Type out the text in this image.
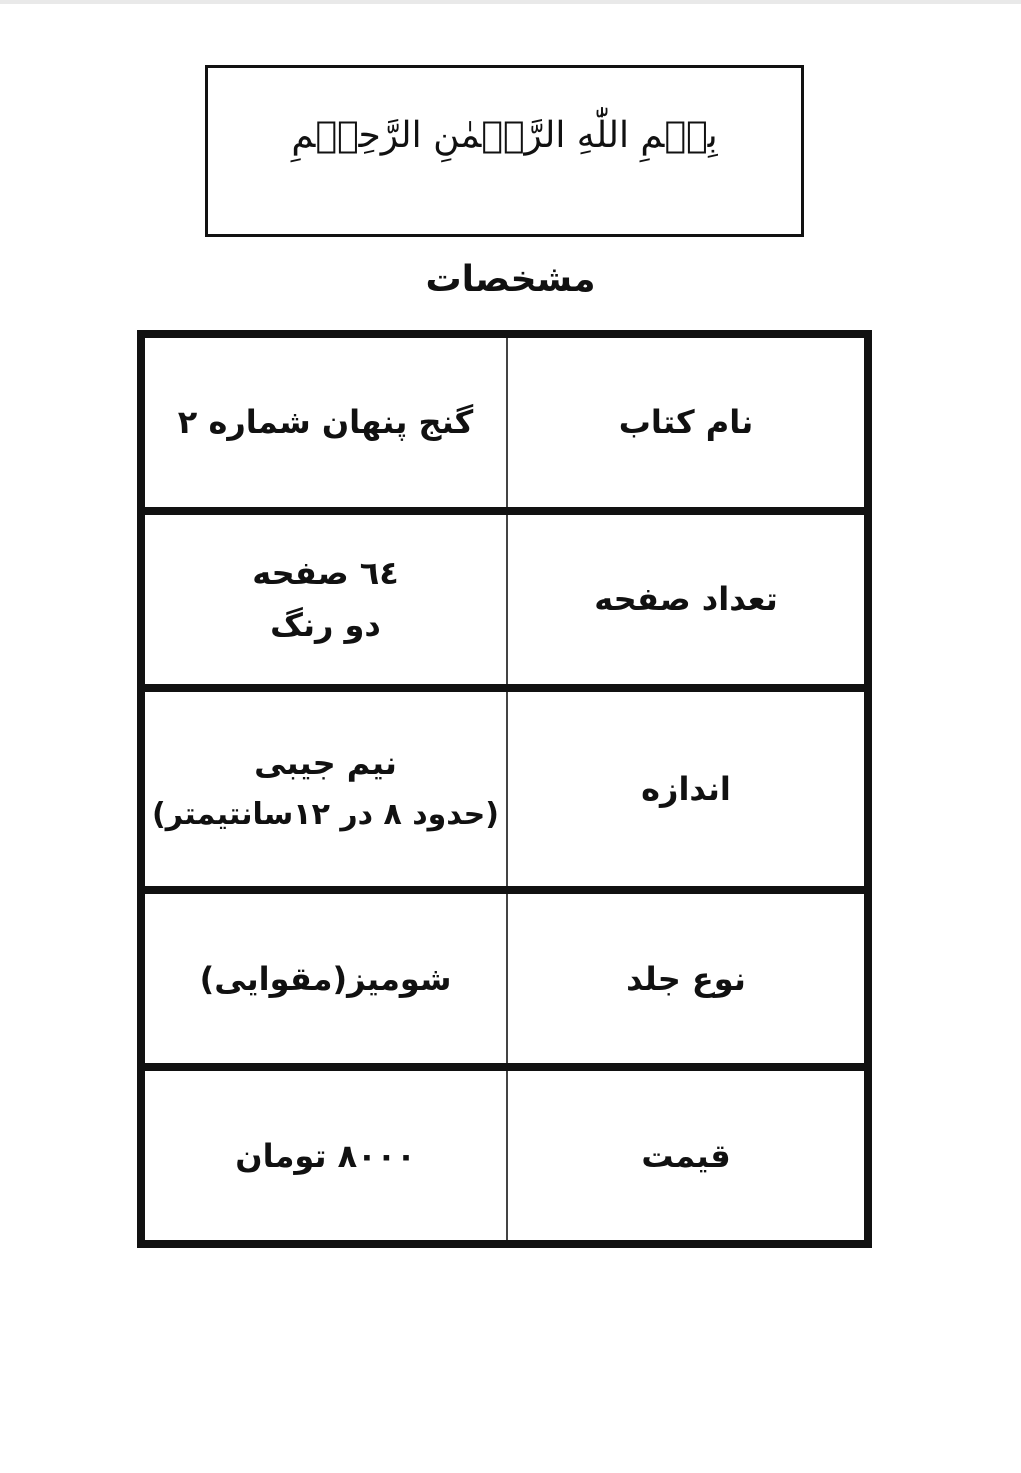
بِسۡمِ اللّٰهِ الرَّحۡمٰنِ الرَّحِيۡمِ
مشخصات
نام کتاب	گنج پنهان شماره ۲

تعداد صفحه	٦٤ صفحه
دو رنگ

اندازه	نیم جیبی
(حدود ۸ در ۱۲سانتیمتر)

نوع جلد	شومیز(مقوایی)

قیمت	۸۰۰۰ تومان
